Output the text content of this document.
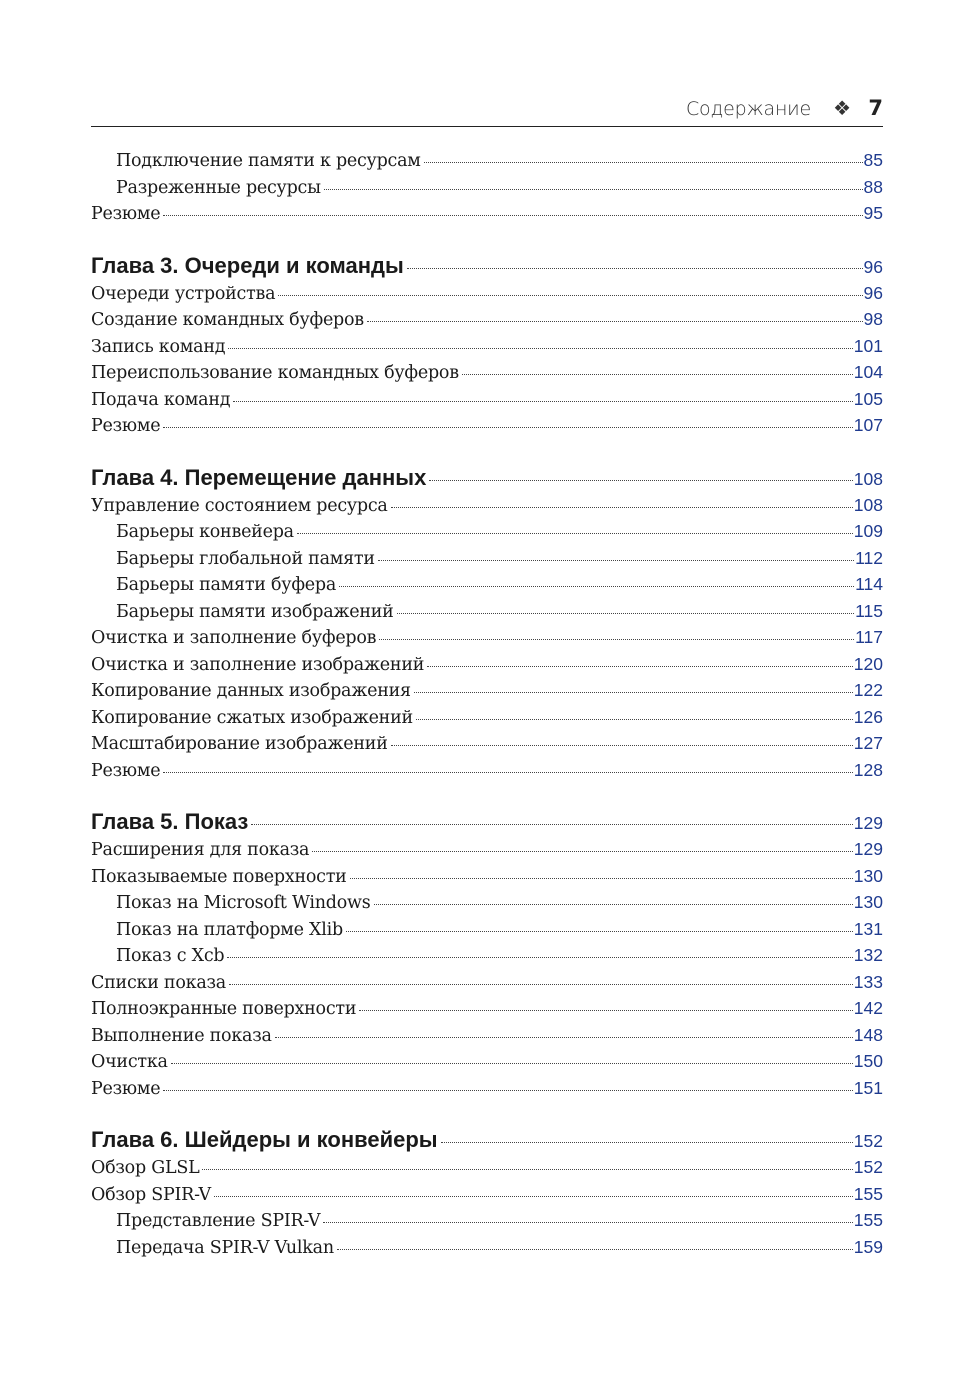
Содержание ❖ 7
Подключение памяти к ресурсам	85
Разреженные ресурсы	88
Резюме	95
Глава 3. Очереди и команды	96
Очереди устройства	96
Создание командных буферов	98
Запись команд	101
Переиспользование командных буферов	104
Подача команд	105
Резюме	107
Глава 4. Перемещение данных	108
Управление состоянием ресурса	108
Барьеры конвейера	109
Барьеры глобальной памяти	112
Барьеры памяти буфера	114
Барьеры памяти изображений	115
Очистка и заполнение буферов	117
Очистка и заполнение изображений	120
Копирование данных изображения	122
Копирование сжатых изображений	126
Масштабирование изображений	127
Резюме	128
Глава 5. Показ	129
Расширения для показа	129
Показываемые поверхности	130
Показ на Microsoft Windows	130
Показ на платформе Xlib	131
Показ с Xcb	132
Списки показа	133
Полноэкранные поверхности	142
Выполнение показа	148
Очистка	150
Резюме	151
Глава 6. Шейдеры и конвейеры	152
Обзор GLSL	152
Обзор SPIR-V	155
Представление SPIR-V	155
Передача SPIR-V Vulkan	159
